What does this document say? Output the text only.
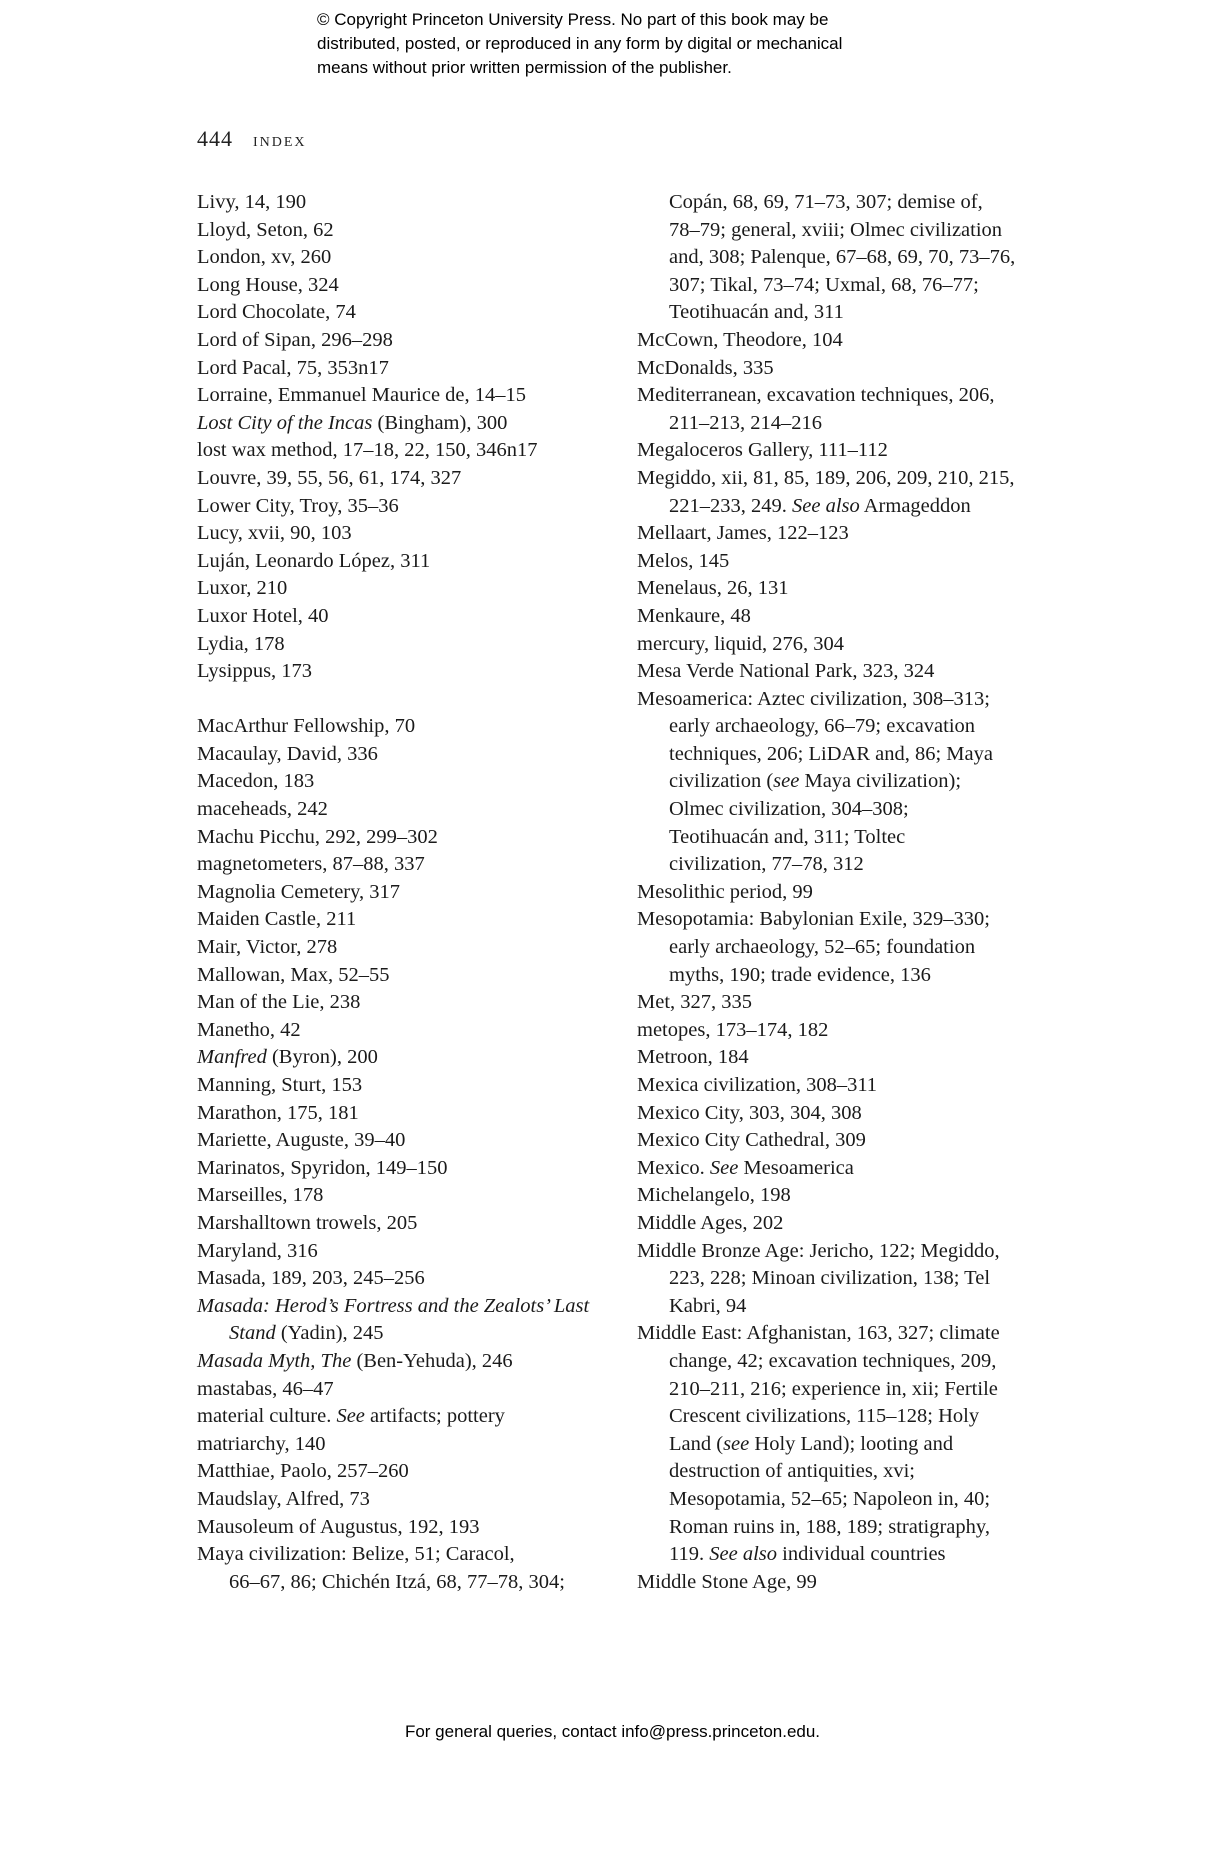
© Copyright Princeton University Press. No part of this book may be
distributed, posted, or reproduced in any form by digital or mechanical
means without prior written permission of the publisher.
444 index
Livy, 14, 190
Lloyd, Seton, 62
London, xv, 260
Long House, 324
Lord Chocolate, 74
Lord of Sipan, 296–298
Lord Pacal, 75, 353n17
Lorraine, Emmanuel Maurice de, 14–15
Lost City of the Incas (Bingham), 300
lost wax method, 17–18, 22, 150, 346n17
Louvre, 39, 55, 56, 61, 174, 327
Lower City, Troy, 35–36
Lucy, xvii, 90, 103
Luján, Leonardo López, 311
Luxor, 210
Luxor Hotel, 40
Lydia, 178
Lysippus, 173
MacArthur Fellowship, 70
Macaulay, David, 336
Macedon, 183
maceheads, 242
Machu Picchu, 292, 299–302
magnetometers, 87–88, 337
Magnolia Cemetery, 317
Maiden Castle, 211
Mair, Victor, 278
Mallowan, Max, 52–55
Man of the Lie, 238
Manetho, 42
Manfred (Byron), 200
Manning, Sturt, 153
Marathon, 175, 181
Mariette, Auguste, 39–40
Marinatos, Spyridon, 149–150
Marseilles, 178
Marshalltown trowels, 205
Maryland, 316
Masada, 189, 203, 245–256
Masada: Herod’s Fortress and the Zealots’ Last
Stand (Yadin), 245
Masada Myth, The (Ben-Yehuda), 246
mastabas, 46–47
material culture. See artifacts; pottery
matriarchy, 140
Matthiae, Paolo, 257–260
Maudslay, Alfred, 73
Mausoleum of Augustus, 192, 193
Maya civilization: Belize, 51; Caracol,
66–67, 86; Chichén Itzá, 68, 77–78, 304;
Copán, 68, 69, 71–73, 307; demise of,
78–79; general, xviii; Olmec civilization
and, 308; Palenque, 67–68, 69, 70, 73–76,
307; Tikal, 73–74; Uxmal, 68, 76–77;
Teotihuacán and, 311
McCown, Theodore, 104
McDonalds, 335
Mediterranean, excavation techniques, 206,
211–213, 214–216
Megaloceros Gallery, 111–112
Megiddo, xii, 81, 85, 189, 206, 209, 210, 215,
221–233, 249. See also Armageddon
Mellaart, James, 122–123
Melos, 145
Menelaus, 26, 131
Menkaure, 48
mercury, liquid, 276, 304
Mesa Verde National Park, 323, 324
Mesoamerica: Aztec civilization, 308–313;
early archaeology, 66–79; excavation
techniques, 206; LiDAR and, 86; Maya
civilization (see Maya civilization);
Olmec civilization, 304–308;
Teotihuacán and, 311; Toltec
civilization, 77–78, 312
Mesolithic period, 99
Mesopotamia: Babylonian Exile, 329–330;
early archaeology, 52–65; foundation
myths, 190; trade evidence, 136
Met, 327, 335
metopes, 173–174, 182
Metroon, 184
Mexica civilization, 308–311
Mexico City, 303, 304, 308
Mexico City Cathedral, 309
Mexico. See Mesoamerica
Michelangelo, 198
Middle Ages, 202
Middle Bronze Age: Jericho, 122; Megiddo,
223, 228; Minoan civilization, 138; Tel
Kabri, 94
Middle East: Afghanistan, 163, 327; climate
change, 42; excavation techniques, 209,
210–211, 216; experience in, xii; Fertile
Crescent civilizations, 115–128; Holy
Land (see Holy Land); looting and
destruction of antiquities, xvi;
Mesopotamia, 52–65; Napoleon in, 40;
Roman ruins in, 188, 189; stratigraphy,
119. See also individual countries
Middle Stone Age, 99
For general queries, contact info@press.princeton.edu.
